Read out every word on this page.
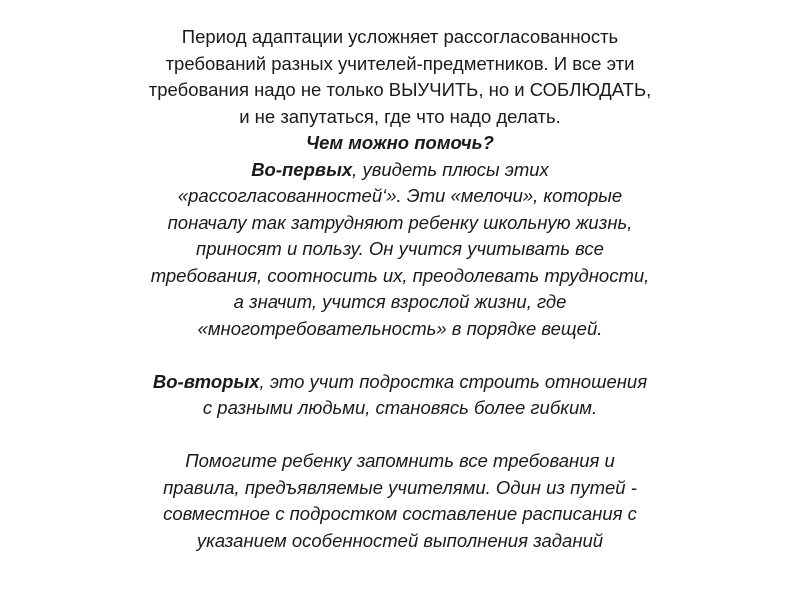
Период адаптации усложняет рассогласованность
требований разных учителей-предметников. И все эти
требования надо не только ВЫУЧИТЬ, но и СОБЛЮДАТЬ,
и не запутаться, где что надо делать.
Чем можно помочь?
Во-первых, увидеть плюсы этих
«рассогласованностей‘». Эти «мелочи», которые
поначалу так затрудняют ребенку школьную жизнь,
приносят и пользу. Он учится учитывать все
требования, соотносить их, преодолевать трудности,
а значит, учится взрослой жизни, где
«многотребовательность» в порядке вещей.
Во-вторых, это учит подростка строить отношения
с разными людьми, становясь более гибким.
Помогите ребенку запомнить все требования и
правила, предъявляемые учителями. Один из путей -
совместное с подростком составление расписания с
указанием особенностей выполнения заданий
